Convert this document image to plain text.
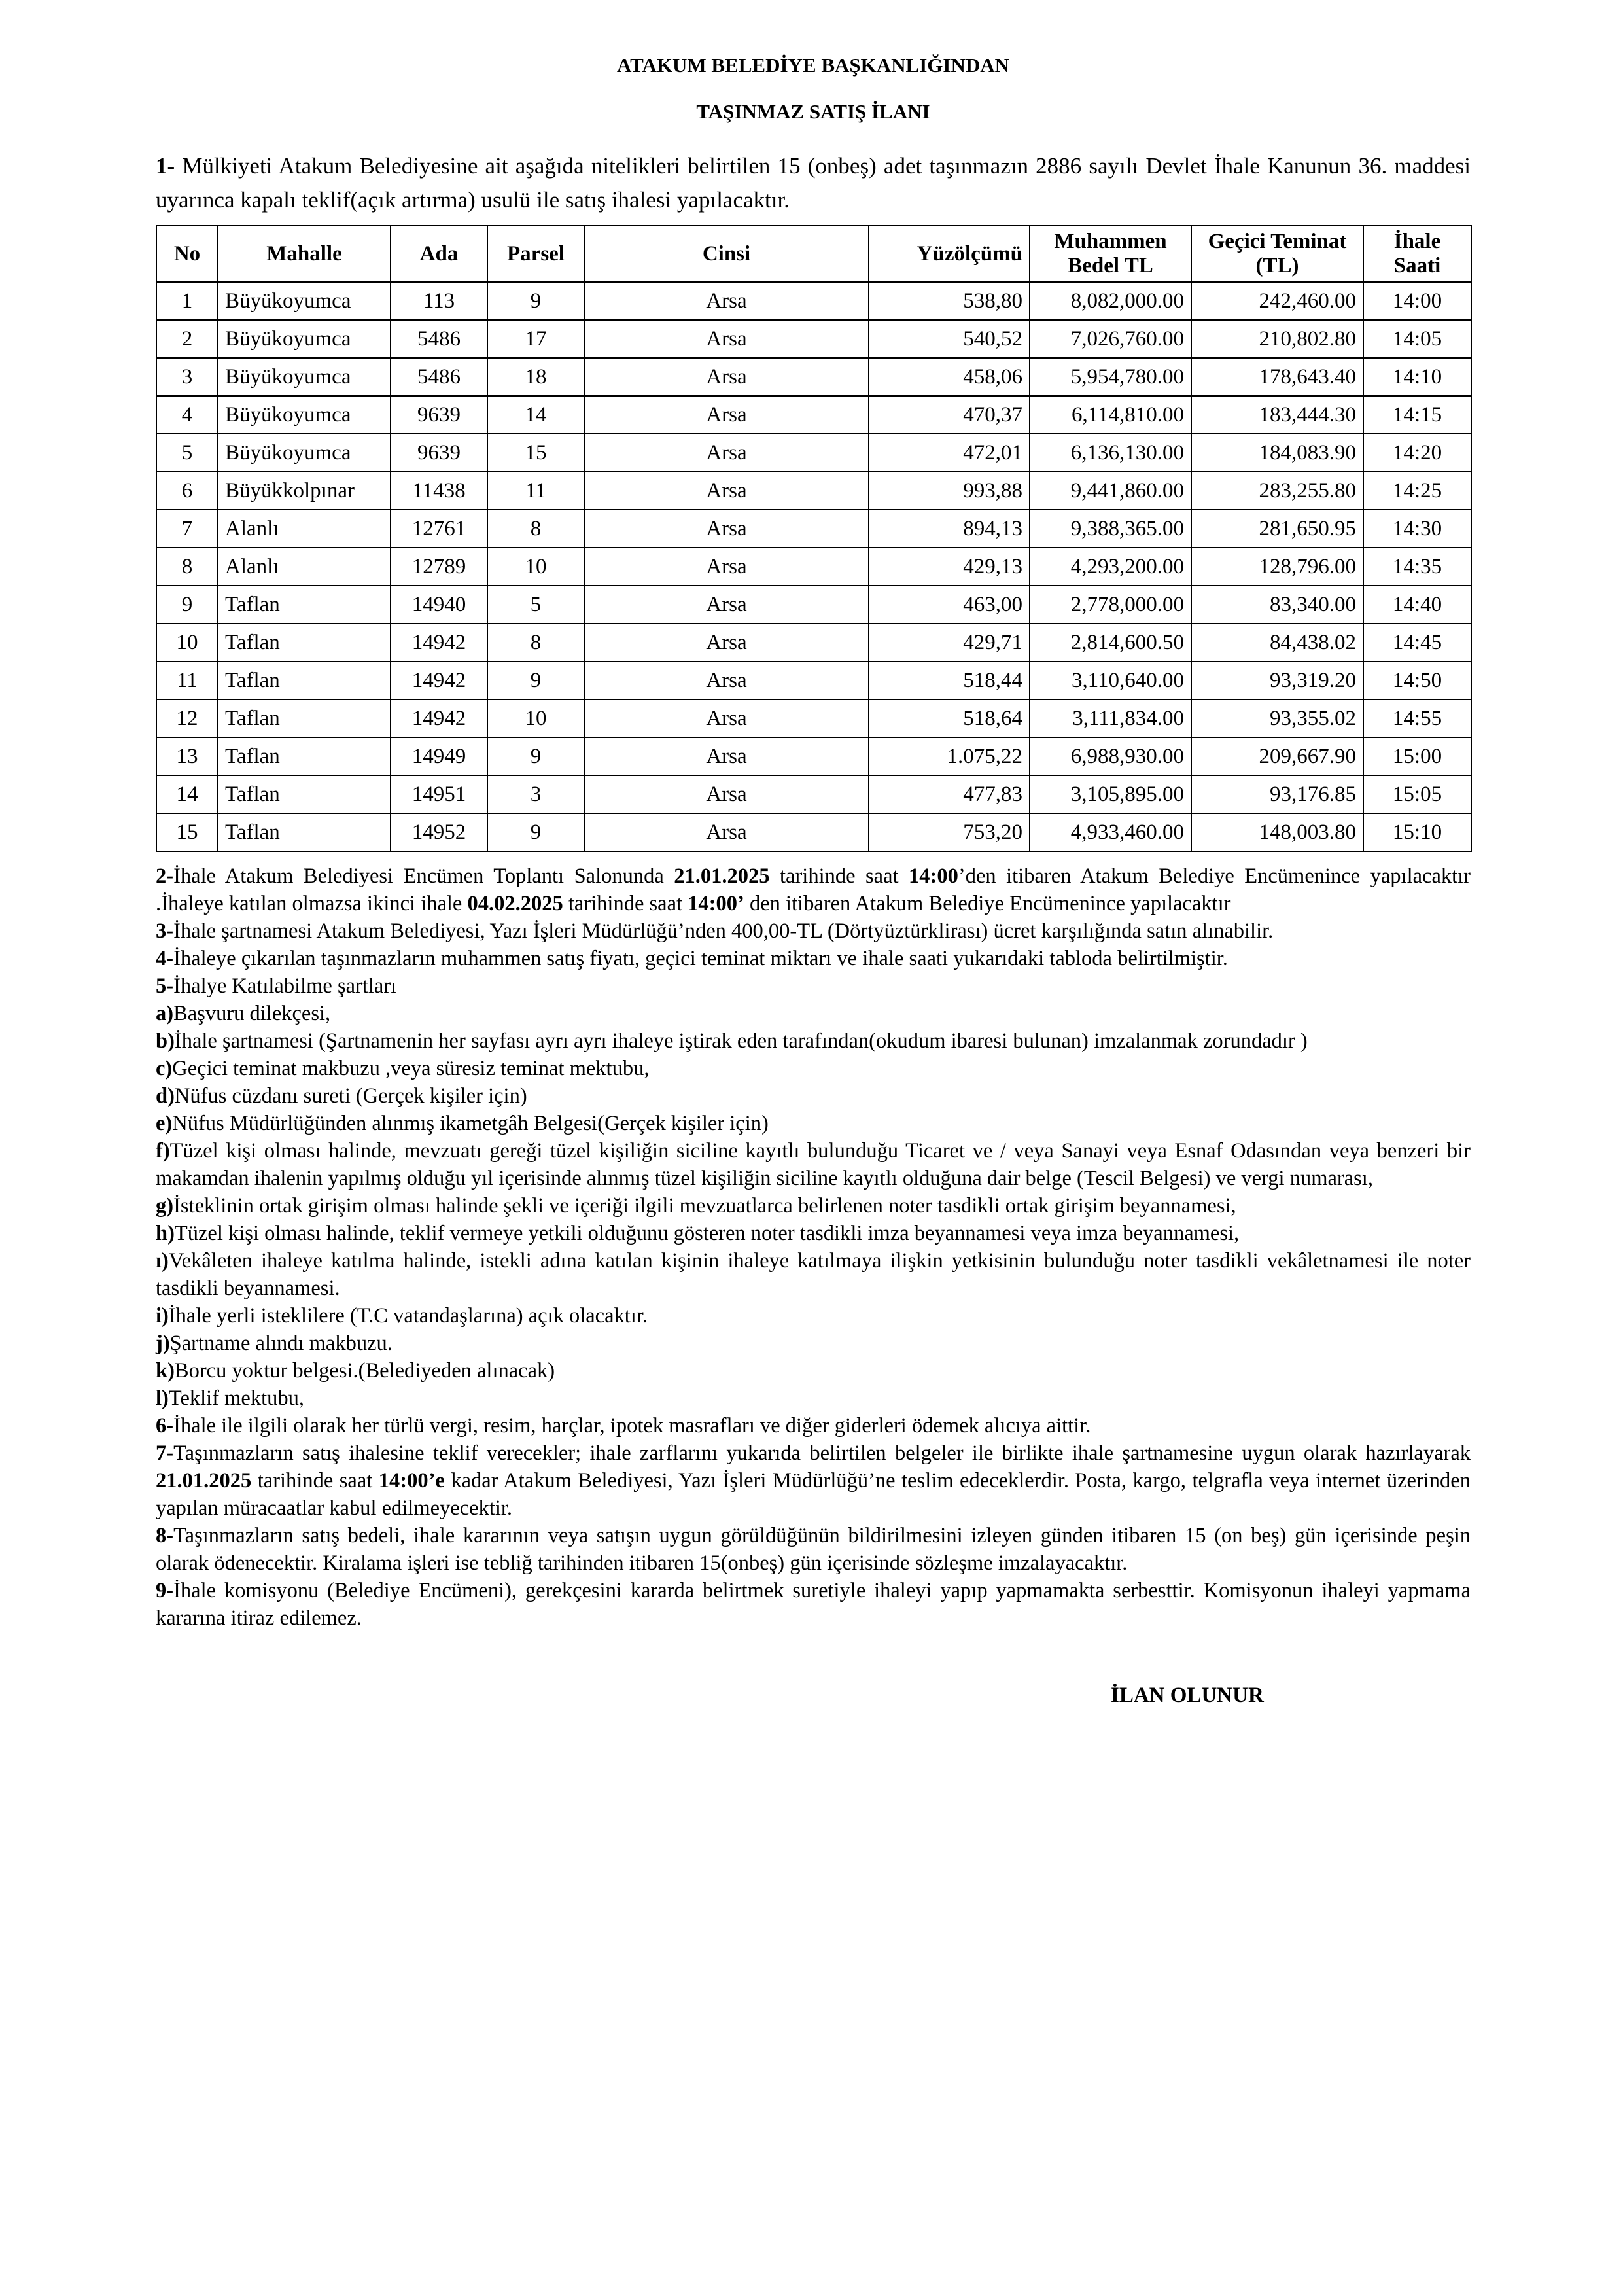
ATAKUM BELEDİYE BAŞKANLIĞINDAN
TAŞINMAZ SATIŞ İLANI
1- Mülkiyeti Atakum Belediyesine ait aşağıda nitelikleri belirtilen 15 (onbeş) adet taşınmazın 2886 sayılı Devlet İhale Kanunun 36. maddesi uyarınca kapalı teklif(açık artırma) usulü ile satış ihalesi yapılacaktır.
No	Mahalle	Ada	Parsel	Cinsi	Yüzölçümü	Muhammen Bedel TL	Geçici Teminat (TL)	İhale Saati
1	Büyükoyumca	113	9	Arsa	538,80	8,082,000.00	242,460.00	14:00
2	Büyükoyumca	5486	17	Arsa	540,52	7,026,760.00	210,802.80	14:05
3	Büyükoyumca	5486	18	Arsa	458,06	5,954,780.00	178,643.40	14:10
4	Büyükoyumca	9639	14	Arsa	470,37	6,114,810.00	183,444.30	14:15
5	Büyükoyumca	9639	15	Arsa	472,01	6,136,130.00	184,083.90	14:20
6	Büyükkolpınar	11438	11	Arsa	993,88	9,441,860.00	283,255.80	14:25
7	Alanlı	12761	8	Arsa	894,13	9,388,365.00	281,650.95	14:30
8	Alanlı	12789	10	Arsa	429,13	4,293,200.00	128,796.00	14:35
9	Taflan	14940	5	Arsa	463,00	2,778,000.00	83,340.00	14:40
10	Taflan	14942	8	Arsa	429,71	2,814,600.50	84,438.02	14:45
11	Taflan	14942	9	Arsa	518,44	3,110,640.00	93,319.20	14:50
12	Taflan	14942	10	Arsa	518,64	3,111,834.00	93,355.02	14:55
13	Taflan	14949	9	Arsa	1.075,22	6,988,930.00	209,667.90	15:00
14	Taflan	14951	3	Arsa	477,83	3,105,895.00	93,176.85	15:05
15	Taflan	14952	9	Arsa	753,20	4,933,460.00	148,003.80	15:10

2-İhale Atakum Belediyesi Encümen Toplantı Salonunda 21.01.2025 tarihinde saat 14:00’den itibaren Atakum Belediye Encümenince yapılacaktır .İhaleye katılan olmazsa ikinci ihale 04.02.2025 tarihinde saat 14:00’ den itibaren Atakum Belediye Encümenince yapılacaktır

3-İhale şartnamesi Atakum Belediyesi, Yazı İşleri Müdürlüğü’nden 400,00-TL (Dörtyüztürklirası) ücret karşılığında satın alınabilir.

4-İhaleye çıkarılan taşınmazların muhammen satış fiyatı, geçici teminat miktarı ve ihale saati yukarıdaki tabloda belirtilmiştir.

5-İhalye Katılabilme şartları

a)Başvuru dilekçesi,

b)İhale şartnamesi (Şartnamenin her sayfası ayrı ayrı ihaleye iştirak eden tarafından(okudum ibaresi bulunan) imzalanmak zorundadır )

c)Geçici teminat makbuzu ,veya süresiz teminat mektubu,

d)Nüfus cüzdanı sureti (Gerçek kişiler için)

e)Nüfus Müdürlüğünden alınmış ikametgâh Belgesi(Gerçek kişiler için)

f)Tüzel kişi olması halinde, mevzuatı gereği tüzel kişiliğin siciline kayıtlı bulunduğu Ticaret ve / veya Sanayi veya Esnaf Odasından veya benzeri bir makamdan ihalenin yapılmış olduğu yıl içerisinde alınmış tüzel kişiliğin siciline kayıtlı olduğuna dair belge (Tescil Belgesi) ve vergi numarası,

g)İsteklinin ortak girişim olması halinde şekli ve içeriği ilgili mevzuatlarca belirlenen noter tasdikli ortak girişim beyannamesi,

h)Tüzel kişi olması halinde, teklif vermeye yetkili olduğunu gösteren noter tasdikli imza beyannamesi veya imza beyannamesi,

ı)Vekâleten ihaleye katılma halinde, istekli adına katılan kişinin ihaleye katılmaya ilişkin yetkisinin bulunduğu noter tasdikli vekâletnamesi ile noter tasdikli beyannamesi.

i)İhale yerli isteklilere (T.C vatandaşlarına) açık olacaktır.

j)Şartname alındı makbuzu.

k)Borcu yoktur belgesi.(Belediyeden alınacak)

l)Teklif mektubu,

6-İhale ile ilgili olarak her türlü vergi, resim, harçlar, ipotek masrafları ve diğer giderleri ödemek alıcıya aittir.

7-Taşınmazların satış ihalesine teklif verecekler; ihale zarflarını yukarıda belirtilen belgeler ile birlikte ihale şartnamesine uygun olarak hazırlayarak 21.01.2025 tarihinde saat 14:00’e kadar Atakum Belediyesi, Yazı İşleri Müdürlüğü’ne teslim edeceklerdir. Posta, kargo, telgrafla veya internet üzerinden yapılan müracaatlar kabul edilmeyecektir.

8-Taşınmazların satış bedeli, ihale kararının veya satışın uygun görüldüğünün bildirilmesini izleyen günden itibaren 15 (on beş) gün içerisinde peşin olarak ödenecektir. Kiralama işleri ise tebliğ tarihinden itibaren 15(onbeş) gün içerisinde sözleşme imzalayacaktır.

9-İhale komisyonu (Belediye Encümeni), gerekçesini kararda belirtmek suretiyle ihaleyi yapıp yapmamakta serbesttir. Komisyonun ihaleyi yapmama kararına itiraz edilemez.

İLAN OLUNUR
